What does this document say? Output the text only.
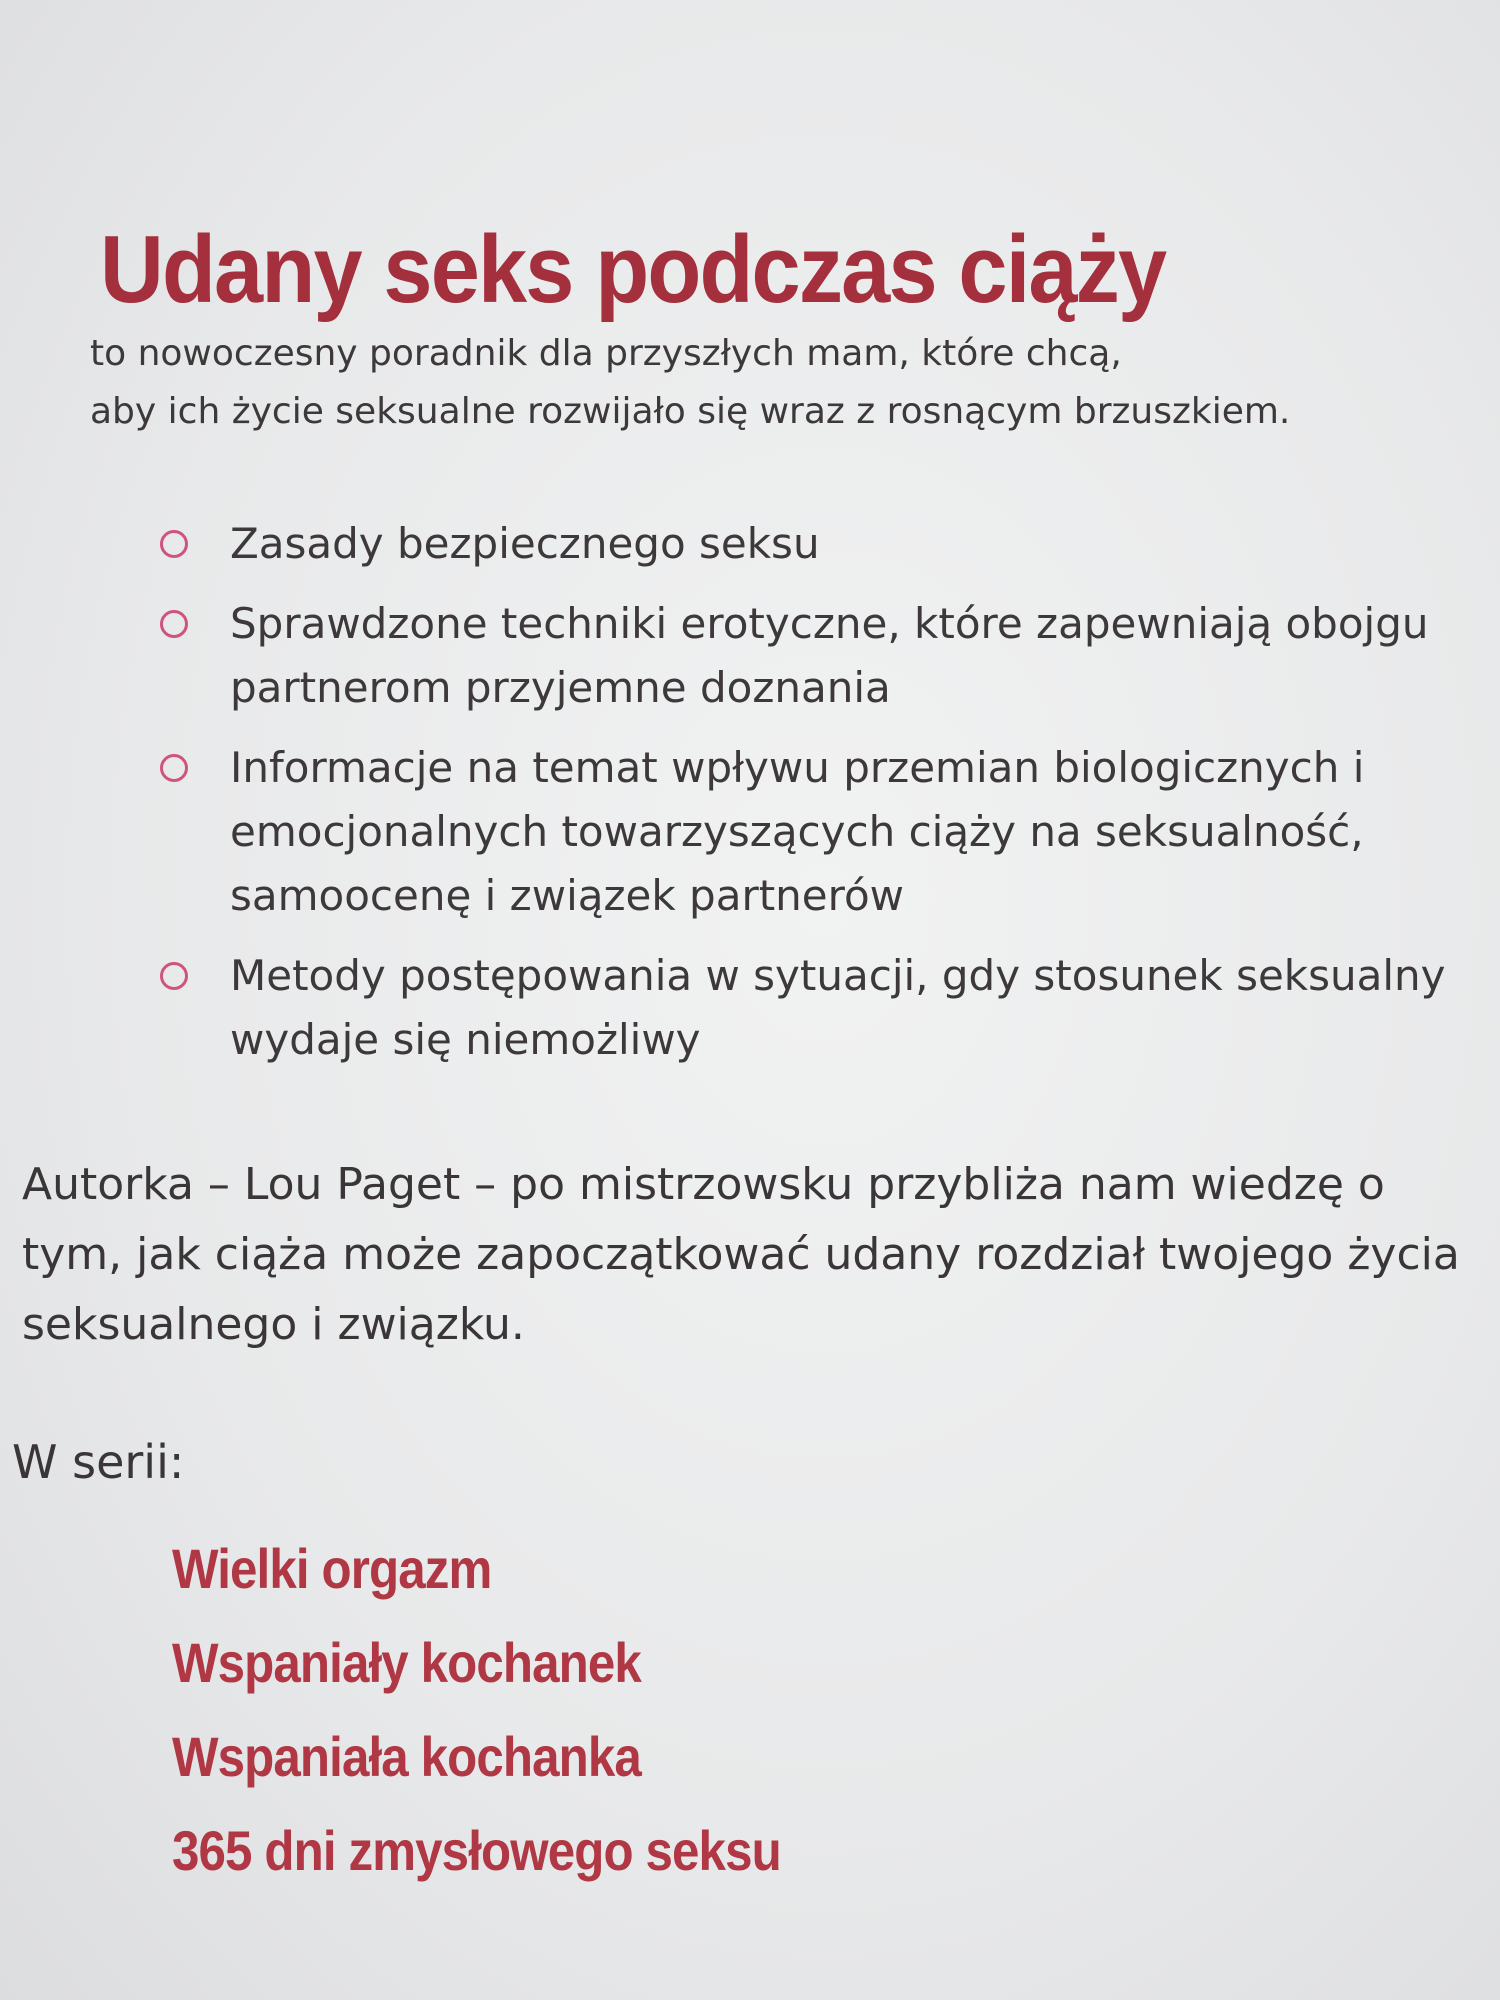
Udany seks podczas ciąży

to nowoczesny poradnik dla przyszłych mam, które chcą,
aby ich życie seksualne rozwijało się wraz z rosnącym brzuszkiem.

Zasady bezpiecznego seksu
Sprawdzone techniki erotyczne, które zapewniają obojgu partnerom przyjemne doznania
Informacje na temat wpływu przemian biologicznych i emocjonalnych towarzyszących ciąży na seksualność, samoocenę i związek partnerów
Metody postępowania w sytuacji, gdy stosunek seksualny wydaje się niemożliwy

Autorka – Lou Paget – po mistrzowsku przybliża nam wiedzę o tym, jak ciąża może zapoczątkować udany rozdział twojego życia seksualnego i związku.

W serii:

Wielki orgazm
Wspaniały kochanek
Wspaniała kochanka
365 dni zmysłowego seksu
